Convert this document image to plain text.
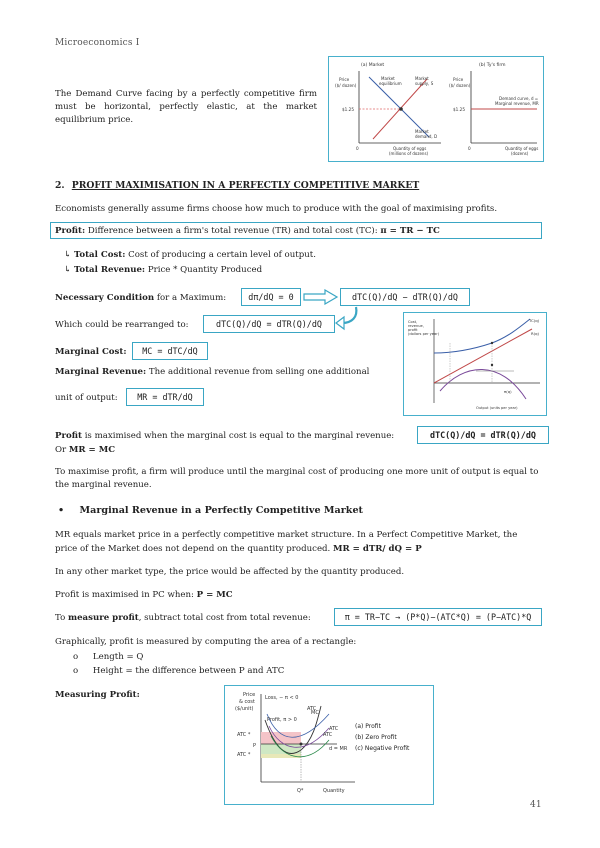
Microeconomics I
The Demand Curve facing by a perfectly competitive firm must be horizontal, perfectly elastic, at the market equilibrium price.
(a) Market	(b) Ty's firm
Price
($/ dozen)
Price
($/ dozen)
$1.25	$1.25
Market
equilibrium
Market
supply, S
Market
demand, D
0	0
Quantity of eggs
(millions of dozens)
Demand curve, d =
Marginal revenue, MR
Quantity of eggs
(dozens)
2. PROFIT MAXIMISATION IN A PERFECTLY COMPETITIVE MARKET
Economists generally assume firms choose how much to produce with the goal of maximising profits.
Profit: Difference between a firm's total revenue (TR) and total cost (TC): π = TR − TC
↳ Total Cost: Cost of producing a certain level of output.
↳ Total Revenue: Price * Quantity Produced
Necessary Condition for a Maximum:	dπ/dQ = 0	dTC(Q)/dQ − dTR(Q)/dQ
Which could be rearranged to:	dTC(Q)/dQ = dTR(Q)/dQ
Marginal Cost:	MC = dTC/dQ
Marginal Revenue: The additional revenue from selling one additional
unit of output:	MR = dTR/dQ
Cost,
revenue,
profit
(dollars per year)
TC(q)
R(q)
π(q)
Output (units per year)
Profit is maximised when the marginal cost is equal to the marginal revenue:	dTC(Q)/dQ = dTR(Q)/dQ
Or MR = MC
To maximise profit, a firm will produce until the marginal cost of producing one more unit of output is equal to the marginal revenue.
• Marginal Revenue in a Perfectly Competitive Market
MR equals market price in a perfectly competitive market structure. In a Perfect Competitive Market, the
price of the Market does not depend on the quantity produced. MR = dTR/ dQ = P
In any other market type, the price would be affected by the quantity produced.
Profit is maximised in PC when: P = MC
To measure profit, subtract total cost from total revenue:	π = TR−TC → (P*Q)−(ATC*Q) = (P−ATC)*Q
Graphically, profit is measured by computing the area of a rectangle:
o Length = Q
o Height = the difference between P and ATC
Measuring Profit:	Price
& cost
($/unit)
Loss, − π < 0
Profit, π > 0
MC
ATC
ATC
ATC
ATC *
P
ATC *
d = MR
Q*	Quantity
(a) Profit
(b) Zero Profit
(c) Negative Profit
41
